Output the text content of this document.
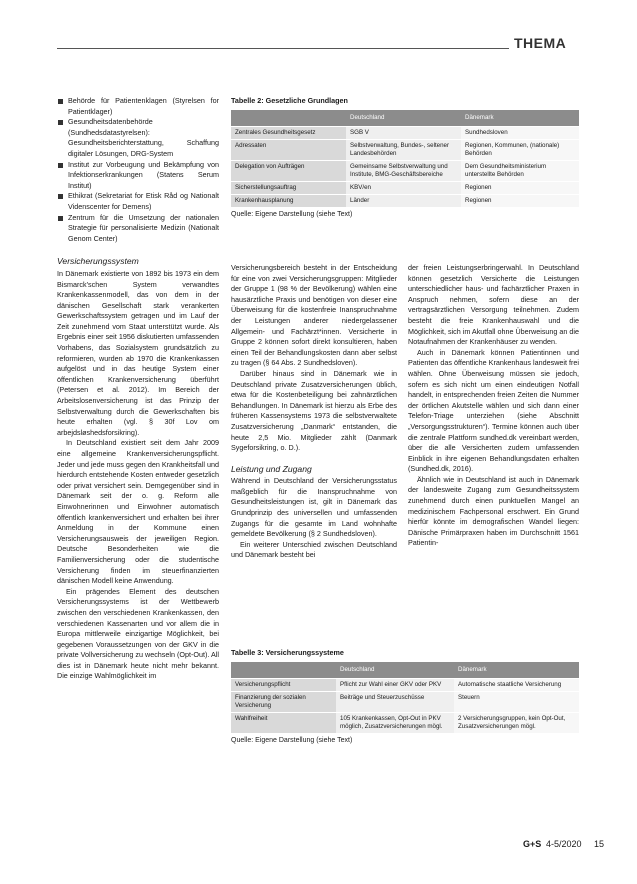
THEMA
Behörde für Patientenklagen (Styrelsen for Patientklager)
Gesundheitsdatenbehörde (Sundhedsdatastyrelsen): Gesundheitsberichterstattung, Schaffung digitaler Lösungen, DRG-System
Institut zur Vorbeugung und Bekämpfung von Infektionserkrankungen (Statens Serum Institut)
Ethikrat (Sekretariat for Etisk Råd og Nationalt Videnscenter for Demens)
Zentrum für die Umsetzung der nationalen Strategie für personalisierte Medizin (Nationalt Genom Center)
Versicherungssystem

In Dänemark existierte von 1892 bis 1973 ein dem Bismarck’schen System verwandtes Krankenkassenmodell, das von dem in der dänischen Gesellschaft stark verankerten Gewerkschaftssystem getragen und im Lauf der Zeit zunehmend vom Staat unterstützt wurde. Als Ergebnis einer seit 1956 diskutierten umfassenden Vorhabens, das Sozialsystem grundsätzlich zu reformieren, wurden ab 1970 die Krankenkassen aufgelöst und in das heutige System einer öffentlichen Krankenversicherung überführt (Petersen et al. 2012). Im Bereich der Arbeitslosenversicherung ist das Prinzip der Selbstverwaltung durch die Gewerkschaften bis heute erhalten (vgl. § 30f Lov om arbejdsløshedsforsikring).

In Deutschland existiert seit dem Jahr 2009 eine allgemeine Krankenversicherungspflicht. Jeder und jede muss gegen den Krankheitsfall und hierdurch entstehende Kosten entweder gesetzlich oder privat versichert sein. Demgegenüber sind in Dänemark seit der o. g. Reform alle Einwohnerinnen und Einwohner automatisch öffentlich krankenversichert und erhalten bei ihrer Anmeldung in der Kommune einen Versicherungsausweis der jeweiligen Region. Deutsche Besonderheiten wie die Familienversicherung oder die studentische Versicherung finden im steuerfinanzierten dänischen Modell keine Anwendung.

Ein prägendes Element des deutschen Versicherungssystems ist der Wettbewerb zwischen den verschiedenen Krankenkassen, den verschiedenen Kassenarten und vor allem die in Europa mittlerweile einzigartige Möglichkeit, bei gegebenen Voraussetzungen von der GKV in die private Vollversicherung zu wechseln (Opt-Out). All dies ist in Dänemark heute nicht mehr bekannt. Die einzige Wahlmöglichkeit im

Tabelle 2: Gesetzliche Grundlagen
	Deutschland	Dänemark
Zentrales Gesundheitsgesetz	SGB V	Sundhedsloven
Adressaten	Selbstverwaltung, Bundes-, seltener Landesbehörden	Regionen, Kommunen, (nationale) Behörden
Delegation von Aufträgen	Gemeinsame Selbstverwaltung und Institute, BMG-Geschäftsbereiche	Dem Gesundheitsministerium unterstellte Behörden
Sicherstellungsauftrag	KBV/en	Regionen
Krankenhausplanung	Länder	Regionen
Quelle: Eigene Darstellung (siehe Text)

Versicherungsbereich besteht in der Entscheidung für eine von zwei Versicherungsgruppen: Mitglieder der Gruppe 1 (98 % der Bevölkerung) wählen eine hausärztliche Praxis und benötigen von dieser eine Überweisung für die kostenfreie Inanspruchnahme der Leistungen anderer niedergelassener Allgemein- und Fachärzt*innen. Versicherte in Gruppe 2 können sofort direkt konsultieren, haben einen Teil der Behandlungskosten dann aber selbst zu tragen (§ 64 Abs. 2 Sundhedsloven).

Darüber hinaus sind in Dänemark wie in Deutschland private Zusatzversicherungen üblich, etwa für die Kostenbeteiligung bei zahnärztlichen Behandlungen. In Dänemark ist hierzu als Erbe des früheren Kassensystems 1973 die selbstverwaltete Zusatzversicherung „Danmark“ entstanden, die heute 2,5 Mio. Mitglieder zählt (Danmark Sygeforsikring, o. D.).

Leistung und Zugang

Während in Deutschland der Versicherungsstatus maßgeblich für die Inanspruchnahme von Gesundheitsleistungen ist, gilt in Dänemark das Grundprinzip des universellen und umfassenden Zugangs für die gesamte im Land wohnhafte gemeldete Bevölkerung (§ 2 Sundhedsloven).

Ein weiterer Unterschied zwischen Deutschland und Dänemark besteht bei

der freien Leistungserbringerwahl. In Deutschland können gesetzlich Versicherte die Leistungen unterschiedlicher haus- und fachärztlicher Praxen in Anspruch nehmen, sofern diese an der vertragsärztlichen Versorgung teilnehmen. Zudem besteht die freie Krankenhauswahl und die Möglichkeit, sich im Akutfall ohne Überweisung an die Notaufnahmen der Krankenhäuser zu wenden.

Auch in Dänemark können Patientinnen und Patienten das öffentliche Krankenhaus landesweit frei wählen. Ohne Überweisung müssen sie jedoch, sofern es sich nicht um einen eindeutigen Notfall handelt, in entsprechenden freien Zeiten die Nummer der örtlichen Akutstelle wählen und sich dann einer Telefon-Triage unterziehen (siehe Abschnitt „Versorgungsstrukturen“). Termine können auch über die zentrale Plattform sundhed.dk vereinbart werden, über die alle Versicherten zudem umfassenden Einblick in ihre eigenen Behandlungsdaten erhalten (Sundhed.dk, 2016).

Ähnlich wie in Deutschland ist auch in Dänemark der landesweite Zugang zum Gesundheitssystem zunehmend durch einen punktuellen Mangel an medizinischem Fachpersonal erschwert. Ein Grund hierfür könnte im demografischen Wandel liegen: Dänische Primärpraxen haben im Durchschnitt 1561 Patientin-

Tabelle 3: Versicherungssysteme
	Deutschland	Dänemark
Versicherungspflicht	Pflicht zur Wahl einer GKV oder PKV	Automatische staatliche Versicherung
Finanzierung der sozialen Versicherung	Beiträge und Steuerzuschüsse	Steuern
Wahlfreiheit	105 Krankenkassen, Opt-Out in PKV möglich, Zusatzversicherungen mögl.	2 Versicherungsgruppen, kein Opt-Out, Zusatzversicherungen mögl.
Quelle: Eigene Darstellung (siehe Text)
G+S 4-5/2020 15
